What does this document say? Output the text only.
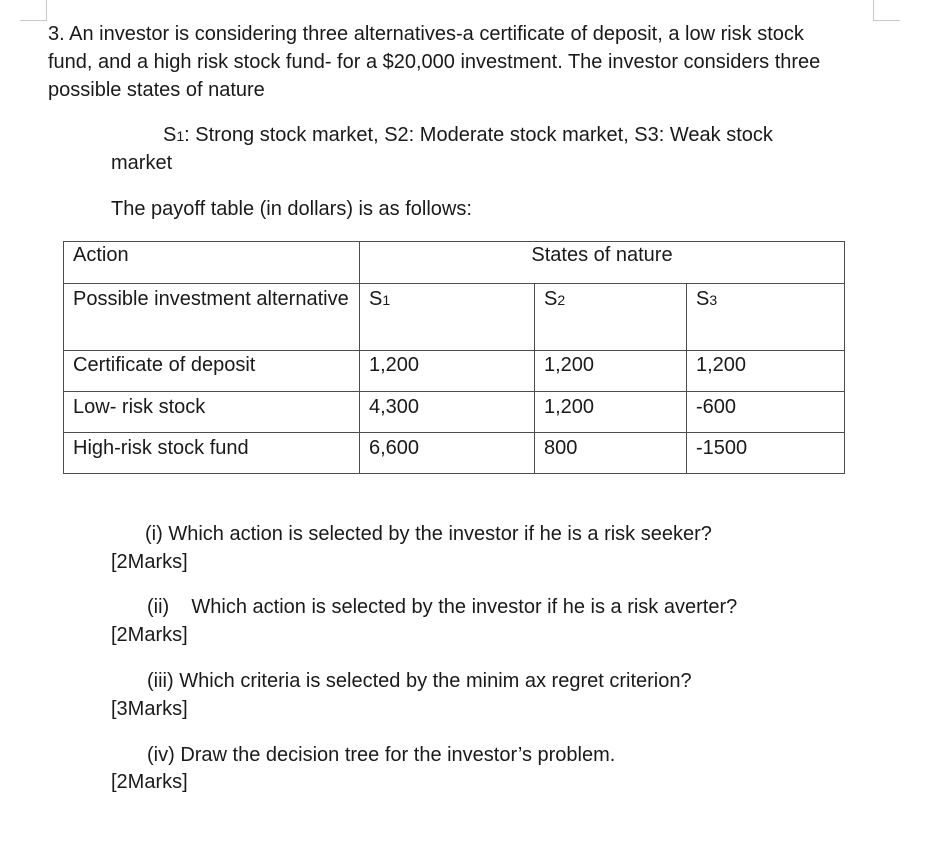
3. An investor is considering three alternatives-a certificate of deposit, a low risk stock

fund, and a high risk stock fund- for a $20,000 investment. The investor considers three

possible states of nature

S1: Strong stock market, S2: Moderate stock market, S3: Weak stock

market

The payoff table (in dollars) is as follows:

Action	States of nature		
Possible investment alternative	S1	S2	S3
Certificate of deposit	1,200	1,200	1,200
Low- risk stock	4,300	1,200	-600
High-risk stock fund	6,600	800	-1500

(i) Which action is selected by the investor if he is a risk seeker?

[2Marks]

(ii)    Which action is selected by the investor if he is a risk averter?

[2Marks]

(iii) Which criteria is selected by the minim ax regret criterion?

[3Marks]

(iv) Draw the decision tree for the investor’s problem.

[2Marks]
